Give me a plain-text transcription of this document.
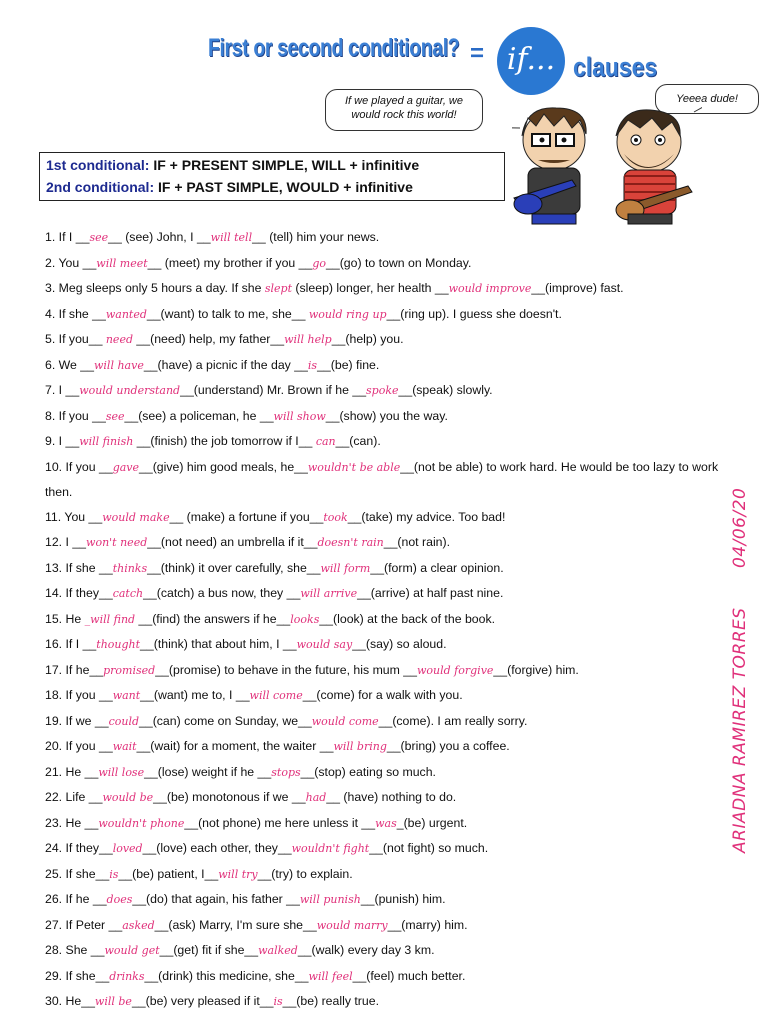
First or second conditional? = if... clauses
If we played a guitar, we would rock this world!
Yeeea dude!
1st conditional: IF + PRESENT SIMPLE, WILL + infinitive
2nd conditional: IF + PAST SIMPLE, WOULD + infinitive
1. If I __see__ (see) John, I __will tell__ (tell) him your news.
2. You __will meet__ (meet) my brother if you __go__(go) to town on Monday.
3. Meg sleeps only 5 hours a day. If she slept (sleep) longer, her health __would improve__(improve) fast.
4. If she __wanted__(want) to talk to me, she__ would ring up__(ring up). I guess she doesn't.
5. If you__ need __(need) help, my father__will help__(help) you.
6. We __will have__(have) a picnic if the day __is__(be) fine.
7. I __would understand__(understand) Mr. Brown if he __spoke__(speak) slowly.
8. If you __see__(see) a policeman, he __will show__(show) you the way.
9. I __will finish __(finish) the job tomorrow if I__ can__(can).
10. If you __gave__(give) him good meals, he__wouldn't be able__(not be able) to work hard. He would be too lazy to work then.
11. You __would make__ (make) a fortune if you__took__(take) my advice. Too bad!
12. I __won't need__(not need) an umbrella if it__doesn't rain__(not rain).
13. If she __thinks__(think) it over carefully, she__will form__(form) a clear opinion.
14. If they__catch__(catch) a bus now, they __will arrive__(arrive) at half past nine.
15. He _will find __(find) the answers if he__looks__(look) at the back of the book.
16. If I __thought__(think) that about him, I __would say__(say) so aloud.
17. If he__promised__(promise) to behave in the future, his mum __would forgive__(forgive) him.
18. If you __want__(want) me to, I __will come__(come) for a walk with you.
19. If we __could__(can) come on Sunday, we__would come__(come). I am really sorry.
20. If you __wait__(wait) for a moment, the waiter __will bring__(bring) you a coffee.
21. He __will lose__(lose) weight if he __stops__(stop) eating so much.
22. Life __would be__(be) monotonous if we __had__ (have) nothing to do.
23. He __wouldn't phone__(not phone) me here unless it __was_(be) urgent.
24. If they__loved__(love) each other, they__wouldn't fight__(not fight) so much.
25. If she__is__(be) patient, I__will try__(try) to explain.
26. If he __does__(do) that again, his father __will punish__(punish) him.
27. If Peter __asked__(ask) Marry, I'm sure she__would marry__(marry) him.
28. She __would get__(get) fit if she__walked__(walk) every day 3 km.
29. If she__drinks__(drink) this medicine, she__will feel__(feel) much better.
30. He__will be__(be) very pleased if it__is__(be) really true.
04/06/20
ARIADNA RAMIREZ TORRES
